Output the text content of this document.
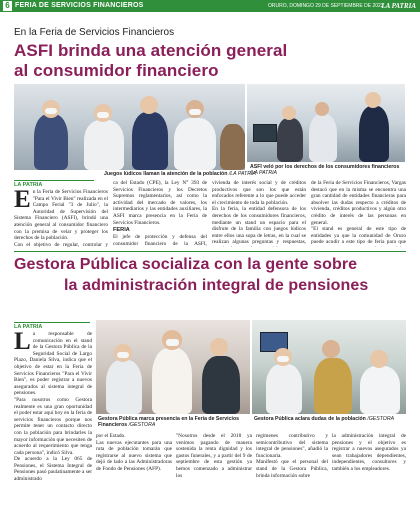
6 FERIA DE SERVICIOS FINANCIEROS	ORURO, DOMINGO 29 DE SEPTIEMBRE DE 2023
LA PATRIA
En la Feria de Servicios Financieros
ASFI brinda una atención general
al consumidor financiero
Juegos lúdicos llaman la atención de la población /LA PATRIA
ASFI veló por los derechos de los consumidores financieros /LA PATRIA
LA PATRIA
E n la Feria de Servicios Financieros "Para el Vivir Bien" realizada en el Campo Ferial "3 de Julio", la Autoridad de Supervisión del Sistema Financiero (ASFI), brindó una atención general al consumidor financiero con la premisa de velar y proteger los derechos de la población.
Con el objetivo de regular, controlar y

ca del Estado (CPE), la Ley N° 393 de Servicios Financieros y los Decretos Supremos reglamentarios, así como la actividad del mercado de valores, los intermediarios y las entidades auxiliares, la ASFI marca presencia en la Feria de Servicios Financieros.

FERIA

El jefe de protección y defensa del consumidor financiero de la ASFI,

vivienda de interés social y de créditos productivos que son los que están enfocados referente a lo que puede acceder el crecimiento de toda la población.
En la feria, la entidad defensora de los derechos de los consumidores financieros, mediante un stand un espacio para el disfrute de la familia con juegos lúdicos entre ellos una sopa de letras, en la cual se realizan algunas preguntas y respuestas,

de la Feria de Servicios Financieros, Vargas destacó que en la misma se encuentra una gran cantidad de entidades financieras para absolver las dudas respecto a créditos de vivienda, créditos productivos y algún otro crédito de interés de las personas en general.
"El stand es general de este tipo de entidades ya que la comunidad de Oruro puede acudir a este tipo de feria para que
Gestora Pública socializa con la gente sobre
la administración integral de pensiones
LA PATRIA
L a responsable de comunicación en el stand de la Gestora Pública de la Seguridad Social de Largo Plazo, Daniela Silva, indica que el objetivo de estar en la Feria de Servicios Financieros "Para el Vivir Bien", es poder registrar a nuevos asegurados al sistema integral de pensiones.
"Para nosotros como Gestora realmente es una gran oportunidad el poder estar aquí hoy en la feria de servicios financieros porque nos permite tener un contacto directo con la población para brindarles la mayor información que necesiten de acuerdo al requerimiento que tenga cada persona", indicó Silva.
De acuerdo a la Ley 065 de Pensiones, el Sistema Integral de Pensiones pasó paulatinamente a ser administrado
Gestora Pública marca presencia en la Feria de Servicios Financieros /GESTORA
Gestora Pública aclara dudas de la población /GESTORA
por el Estado.
Las nuevas ejecutantes para una ruta de población tomarán que registrarse al nuevo sistema que dejó de lado a las Administradoras de Fondo de Pensiones (AFP).
"Nosotros desde el 2018 ya venimos pagando de manera sostenida la renta dignidad y los gastos funerales, y a partir del 9 de septiembre de esta gestión ya hemos comenzado a administrar los
regímenes contributivo y semicontributivo del sistema integral de pensiones", añadió la funcionaria.
Manifestó que el personal del stand de la Gestora Pública, brinda información sobre
la administración integral de pensiones y el objetivo es registrar a nuevos asegurados ya sean trabajadores dependientes, independientes, consultores y también a los empleadores.
